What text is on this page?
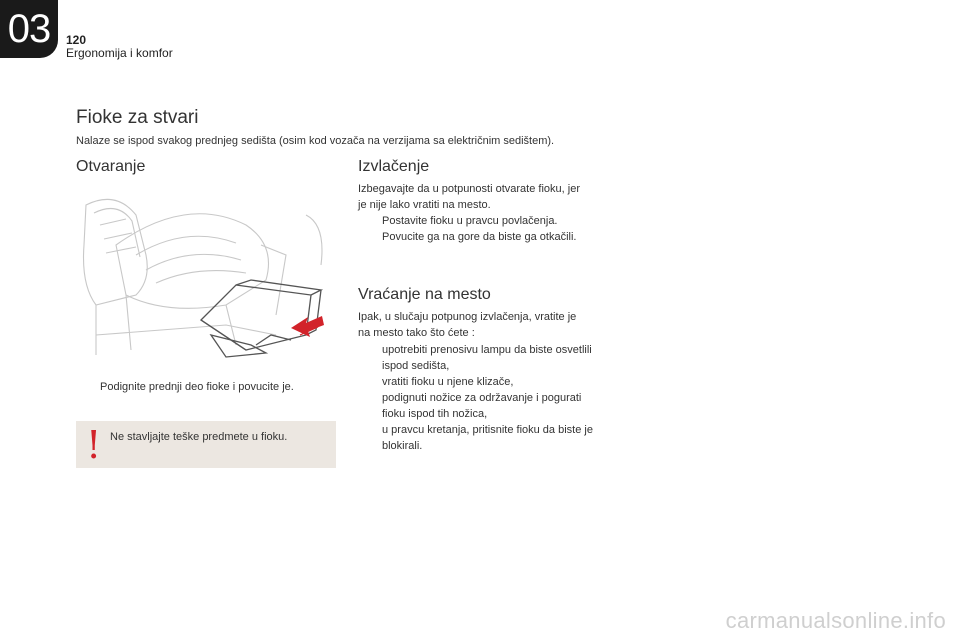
03 120
Ergonomija i komfor
Fioke za stvari
Nalaze se ispod svakog prednjeg sedišta (osim kod vozača na verzijama sa električnim sedištem).
Otvaranje
Podignite prednji deo fioke i povucite je.
! Ne stavljajte teške predmete u fioku.
Izvlačenje
Izbegavajte da u potpunosti otvarate fioku, jer
je nije lako vratiti na mesto.
Postavite fioku u pravcu povlačenja.
Povucite ga na gore da biste ga otkačili.
Vraćanje na mesto
Ipak, u slučaju potpunog izvlačenja, vratite je
na mesto tako što ćete :
upotrebiti prenosivu lampu da biste osvetlili
ispod sedišta,
vratiti fioku u njene klizače,
podignuti nožice za održavanje i pogurati
fioku ispod tih nožica,
u pravcu kretanja, pritisnite fioku da biste je
blokirali.
carmanualsonline.info
